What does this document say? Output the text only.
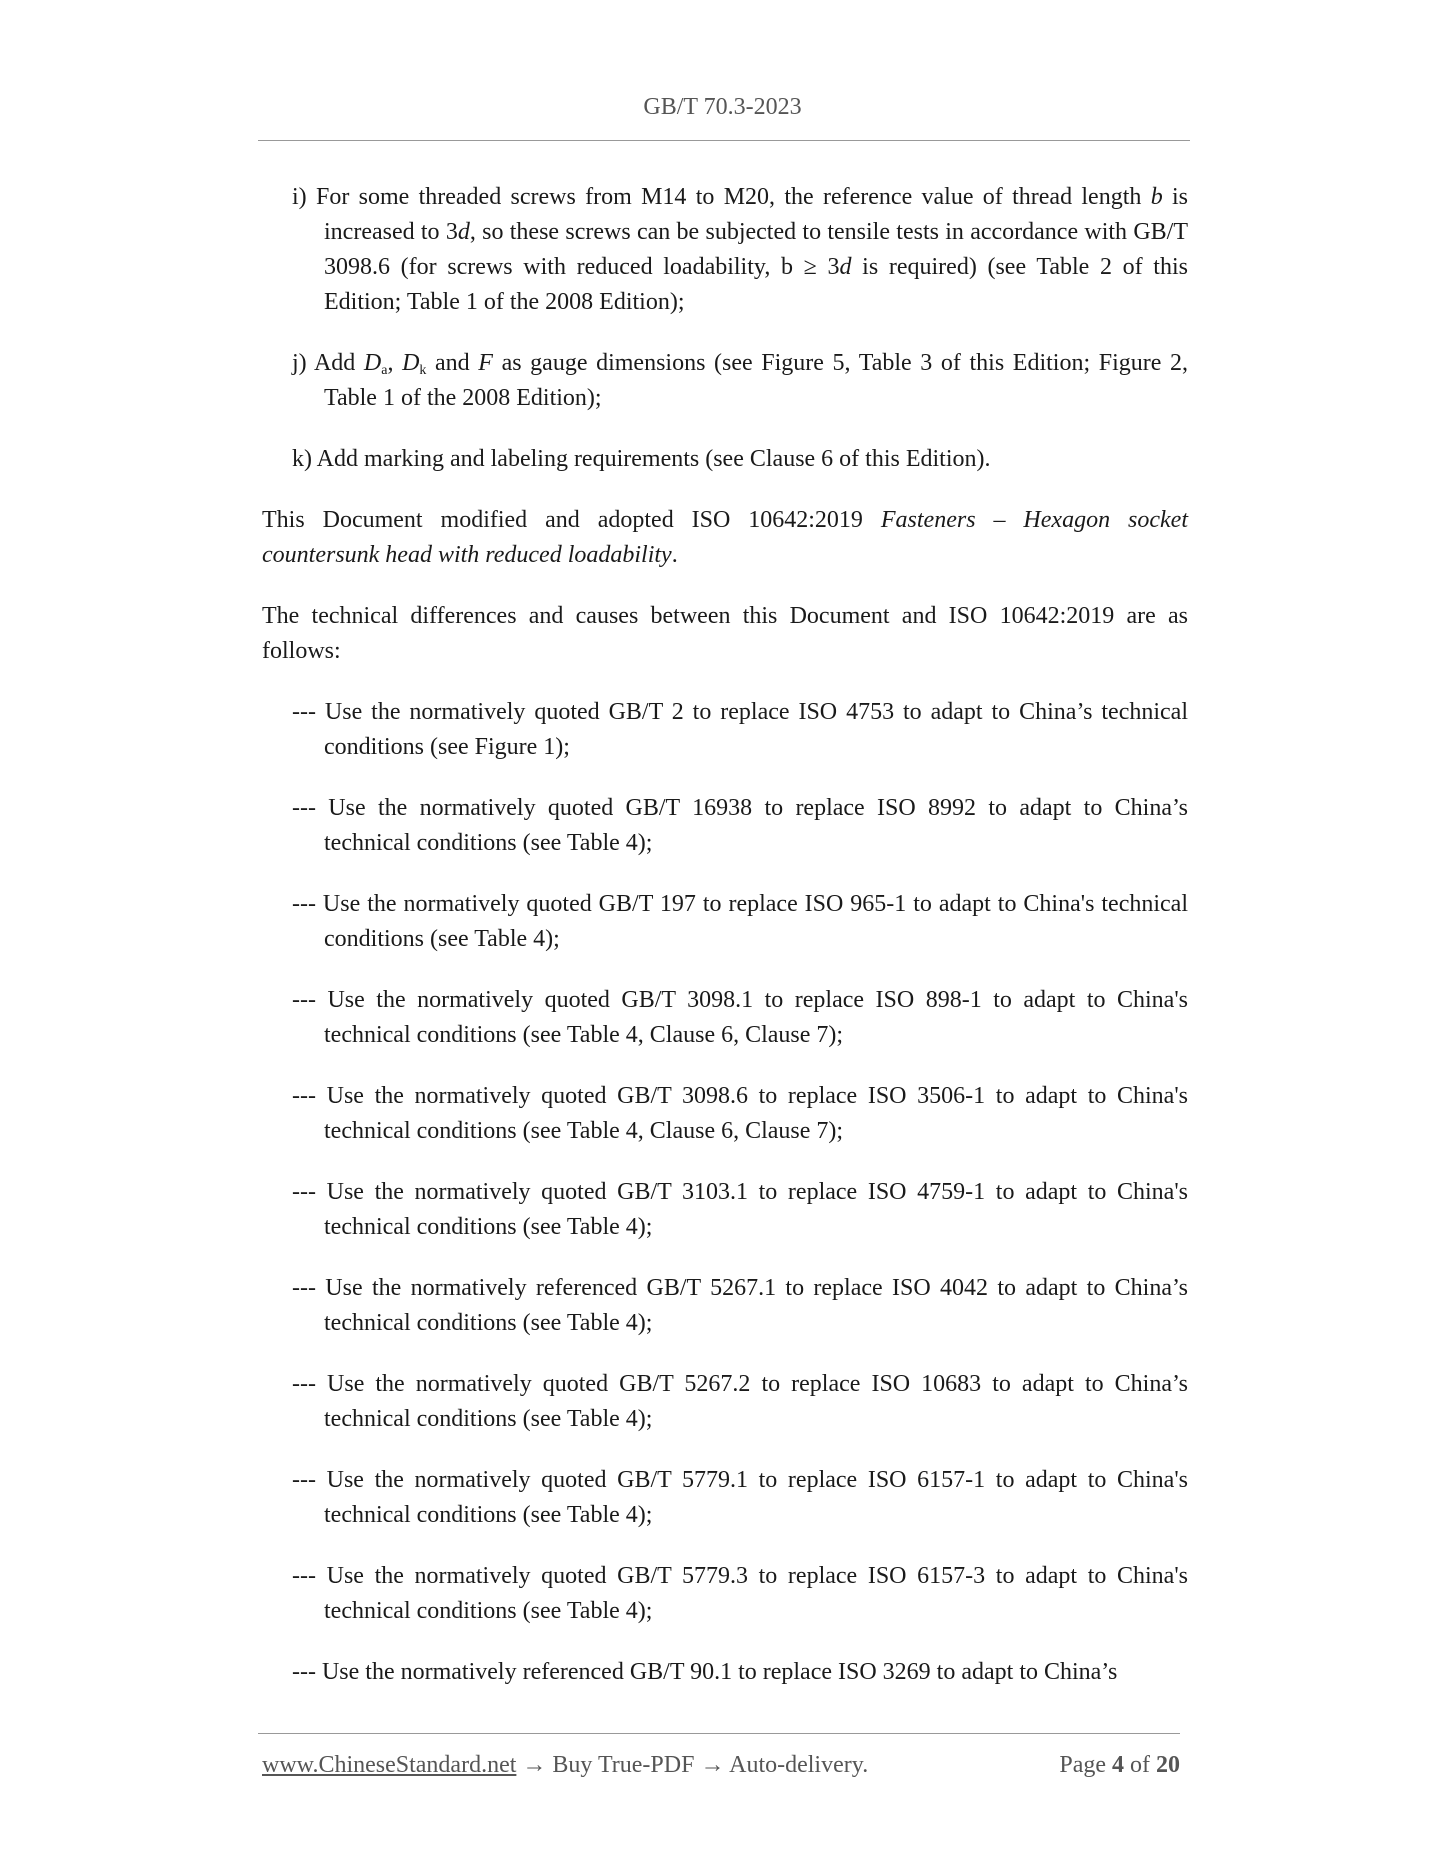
GB/T 70.3-2023

i) For some threaded screws from M14 to M20, the reference value of thread length b is increased to 3d, so these screws can be subjected to tensile tests in accordance with GB/T 3098.6 (for screws with reduced loadability, b ≥ 3d is required) (see Table 2 of this Edition; Table 1 of the 2008 Edition);

j) Add $D_a$, $D_k$ and F as gauge dimensions (see Figure 5, Table 3 of this Edition; Figure 2, Table 1 of the 2008 Edition);

k) Add marking and labeling requirements (see Clause 6 of this Edition).

This Document modified and adopted ISO 10642:2019 Fasteners – Hexagon socket countersunk head with reduced loadability.

The technical differences and causes between this Document and ISO 10642:2019 are as follows:

--- Use the normatively quoted GB/T 2 to replace ISO 4753 to adapt to China’s technical conditions (see Figure 1);

--- Use the normatively quoted GB/T 16938 to replace ISO 8992 to adapt to China’s technical conditions (see Table 4);

--- Use the normatively quoted GB/T 197 to replace ISO 965-1 to adapt to China's technical conditions (see Table 4);

--- Use the normatively quoted GB/T 3098.1 to replace ISO 898-1 to adapt to China's technical conditions (see Table 4, Clause 6, Clause 7);

--- Use the normatively quoted GB/T 3098.6 to replace ISO 3506-1 to adapt to China's technical conditions (see Table 4, Clause 6, Clause 7);

--- Use the normatively quoted GB/T 3103.1 to replace ISO 4759-1 to adapt to China's technical conditions (see Table 4);

--- Use the normatively referenced GB/T 5267.1 to replace ISO 4042 to adapt to China’s technical conditions (see Table 4);

--- Use the normatively quoted GB/T 5267.2 to replace ISO 10683 to adapt to China’s technical conditions (see Table 4);

--- Use the normatively quoted GB/T 5779.1 to replace ISO 6157-1 to adapt to China's technical conditions (see Table 4);

--- Use the normatively quoted GB/T 5779.3 to replace ISO 6157-3 to adapt to China's technical conditions (see Table 4);

--- Use the normatively referenced GB/T 90.1 to replace ISO 3269 to adapt to China’s

www.ChineseStandard.net → Buy True-PDF → Auto-delivery.	Page 4 of 20
